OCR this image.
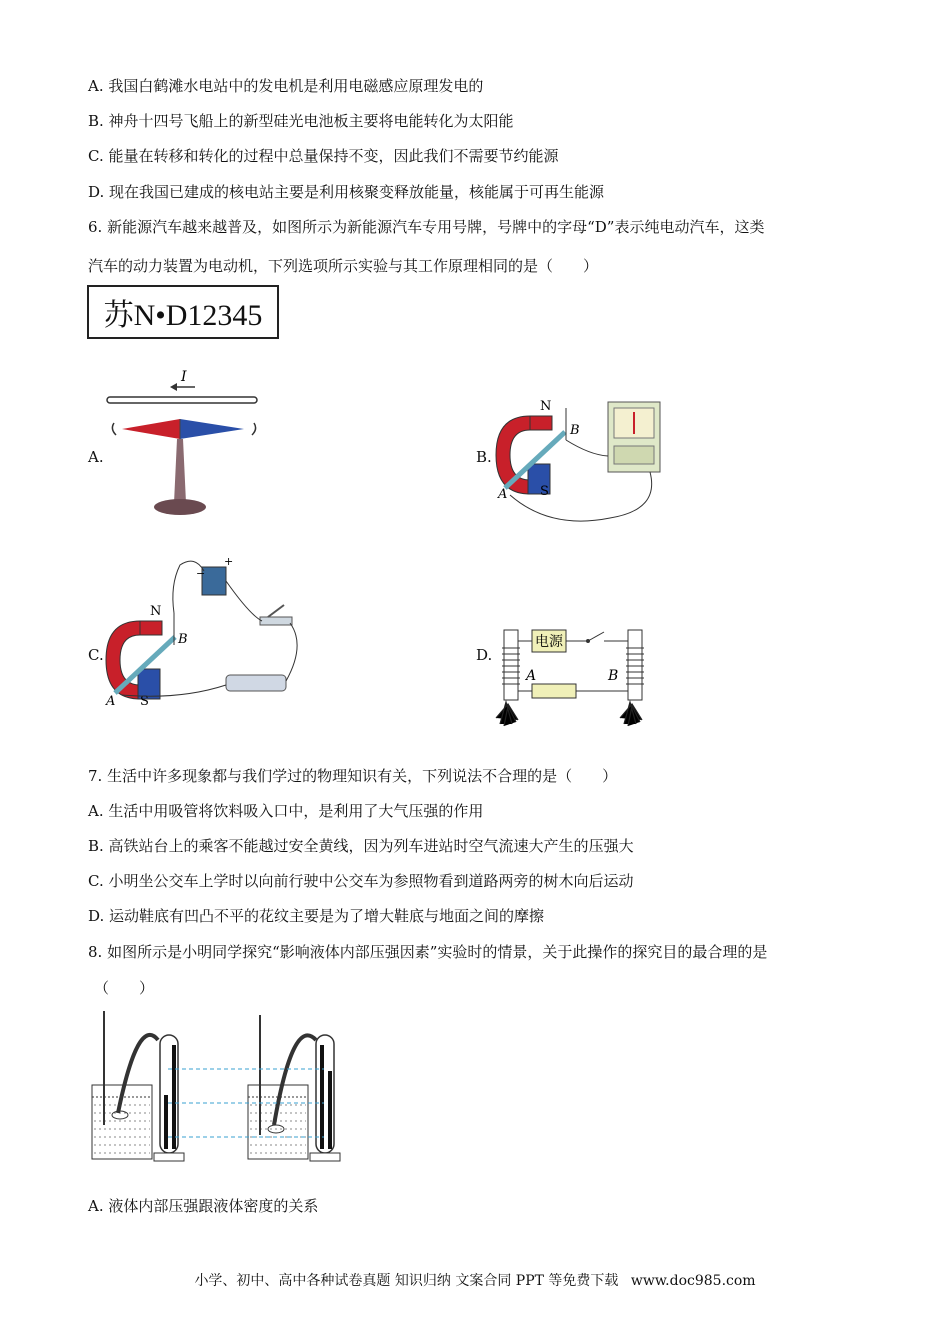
A. 我国白鹤滩水电站中的发电机是利用电磁感应原理发电的
B. 神舟十四号飞船上的新型硅光电池板主要将电能转化为太阳能
C. 能量在转移和转化的过程中总量保持不变，因此我们不需要节约能源
D. 现在我国已建成的核电站主要是利用核聚变释放能量，核能属于可再生能源
6. 新能源汽车越来越普及，如图所示为新能源汽车专用号牌，号牌中的字母“D”表示纯电动汽车，这类
汽车的动力装置为电动机，下列选项所示实验与其工作原理相同的是（　　）
苏N•D12345
A.
I
B.
N
S
A
B
C.
N
S
A
B
+
−
D.
电源
A	B
7. 生活中许多现象都与我们学过的物理知识有关，下列说法不合理的是（　　）
A. 生活中用吸管将饮料吸入口中，是利用了大气压强的作用
B. 高铁站台上的乘客不能越过安全黄线，因为列车进站时空气流速大产生的压强大
C. 小明坐公交车上学时以向前行驶中公交车为参照物看到道路两旁的树木向后运动
D. 运动鞋底有凹凸不平的花纹主要是为了增大鞋底与地面之间的摩擦
8. 如图所示是小明同学探究“影响液体内部压强因素”实验时的情景，关于此操作的探究目的最合理的是
（　　）
A. 液体内部压强跟液体密度的关系
小学、初中、高中各种试卷真题 知识归纳 文案合同 PPT 等免费下载 www.doc985.com
